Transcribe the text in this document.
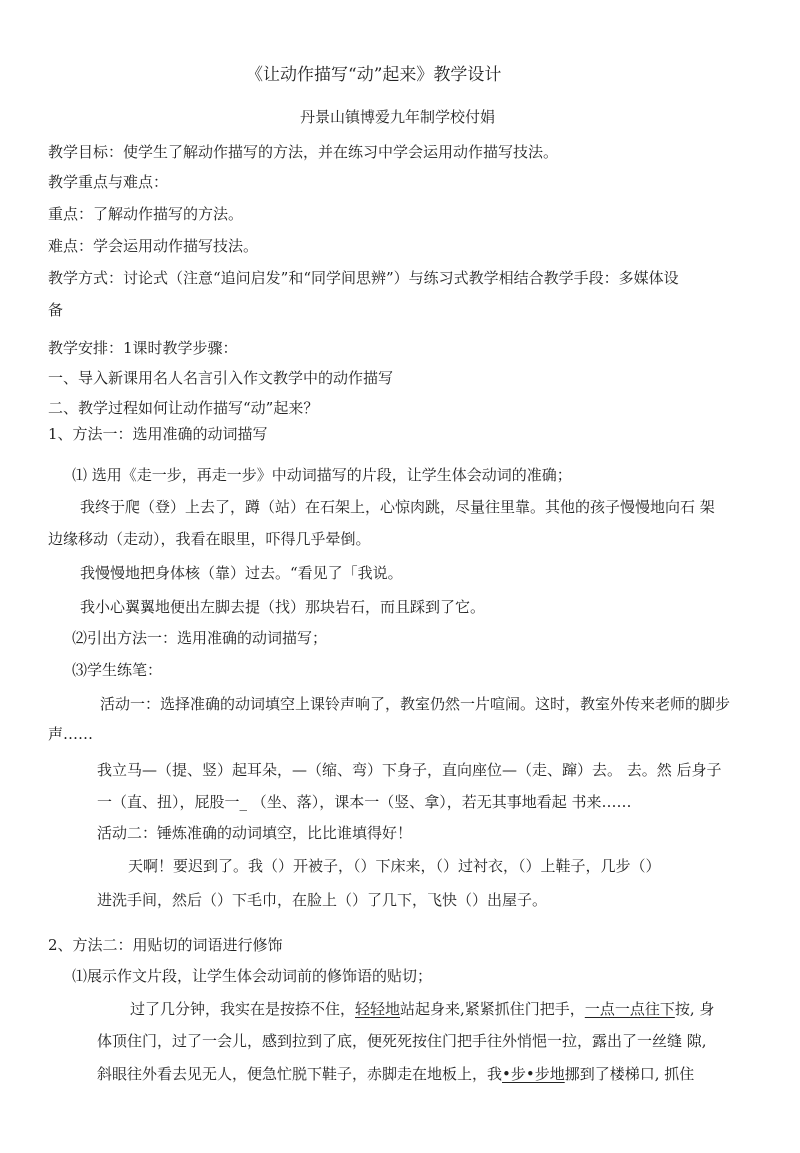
《让动作描写“动”起来》教学设计
丹景山镇博爱九年制学校付娟
教学目标：使学生了解动作描写的方法，并在练习中学会运用动作描写技法。
教学重点与难点：
重点：了解动作描写的方法。
难点：学会运用动作描写技法。
教学方式：讨论式（注意“追问启发”和“同学间思辨”）与练习式教学相结合教学手段：多媒体设
备
教学安排：1课时教学步骤：
一、导入新课用名人名言引入作文教学中的动作描写
二、教学过程如何让动作描写“动”起来？
1、方法一：选用准确的动词描写
⑴ 选用《走一步，再走一步》中动词描写的片段，让学生体会动词的准确；
我终于爬（登）上去了，蹲（站）在石架上，心惊肉跳，尽量往里靠。其他的孩子慢慢地向石 架
边缘移动（走动），我看在眼里，吓得几乎晕倒。
我慢慢地把身体核（靠）过去。“看见了「我说。
我小心翼翼地便出左脚去提（找）那块岩石，而且踩到了它。
⑵引出方法一：选用准确的动词描写；
⑶学生练笔：
活动一：选择准确的动词填空上课铃声响了，教室仍然一片喧闹。这时，教室外传来老师的脚步
声……
我立马—（提、竖）起耳朵，—（缩、弯）下身子，直向座位—（走、蹿）去。 去。然 后身子
一（直、扭），屁股一_ （坐、落），课本一（竖、拿），若无其事地看起 书来……
活动二：锤炼准确的动词填空，比比谁填得好！
天啊！要迟到了。我（）开被子，（）下床来，（）过衬衣，（）上鞋子，几步（）
进洗手间，然后（）下毛巾，在脸上（）了几下，飞快（）出屋子。
2、方法二：用贴切的词语进行修饰
⑴展示作文片段，让学生体会动词前的修饰语的贴切；
过了几分钟，我实在是按捺不住，轻轻地站起身来,紧紧抓住门把手，一点一点往下按, 身
体顶住门，过了一会儿，感到拉到了底，便死死按住门把手往外悄悒一拉，露出了一丝缝 隙,
斜眼往外看去见无人，便急忙脱下鞋子，赤脚走在地板上，我•步•步地挪到了楼梯口, 抓住
